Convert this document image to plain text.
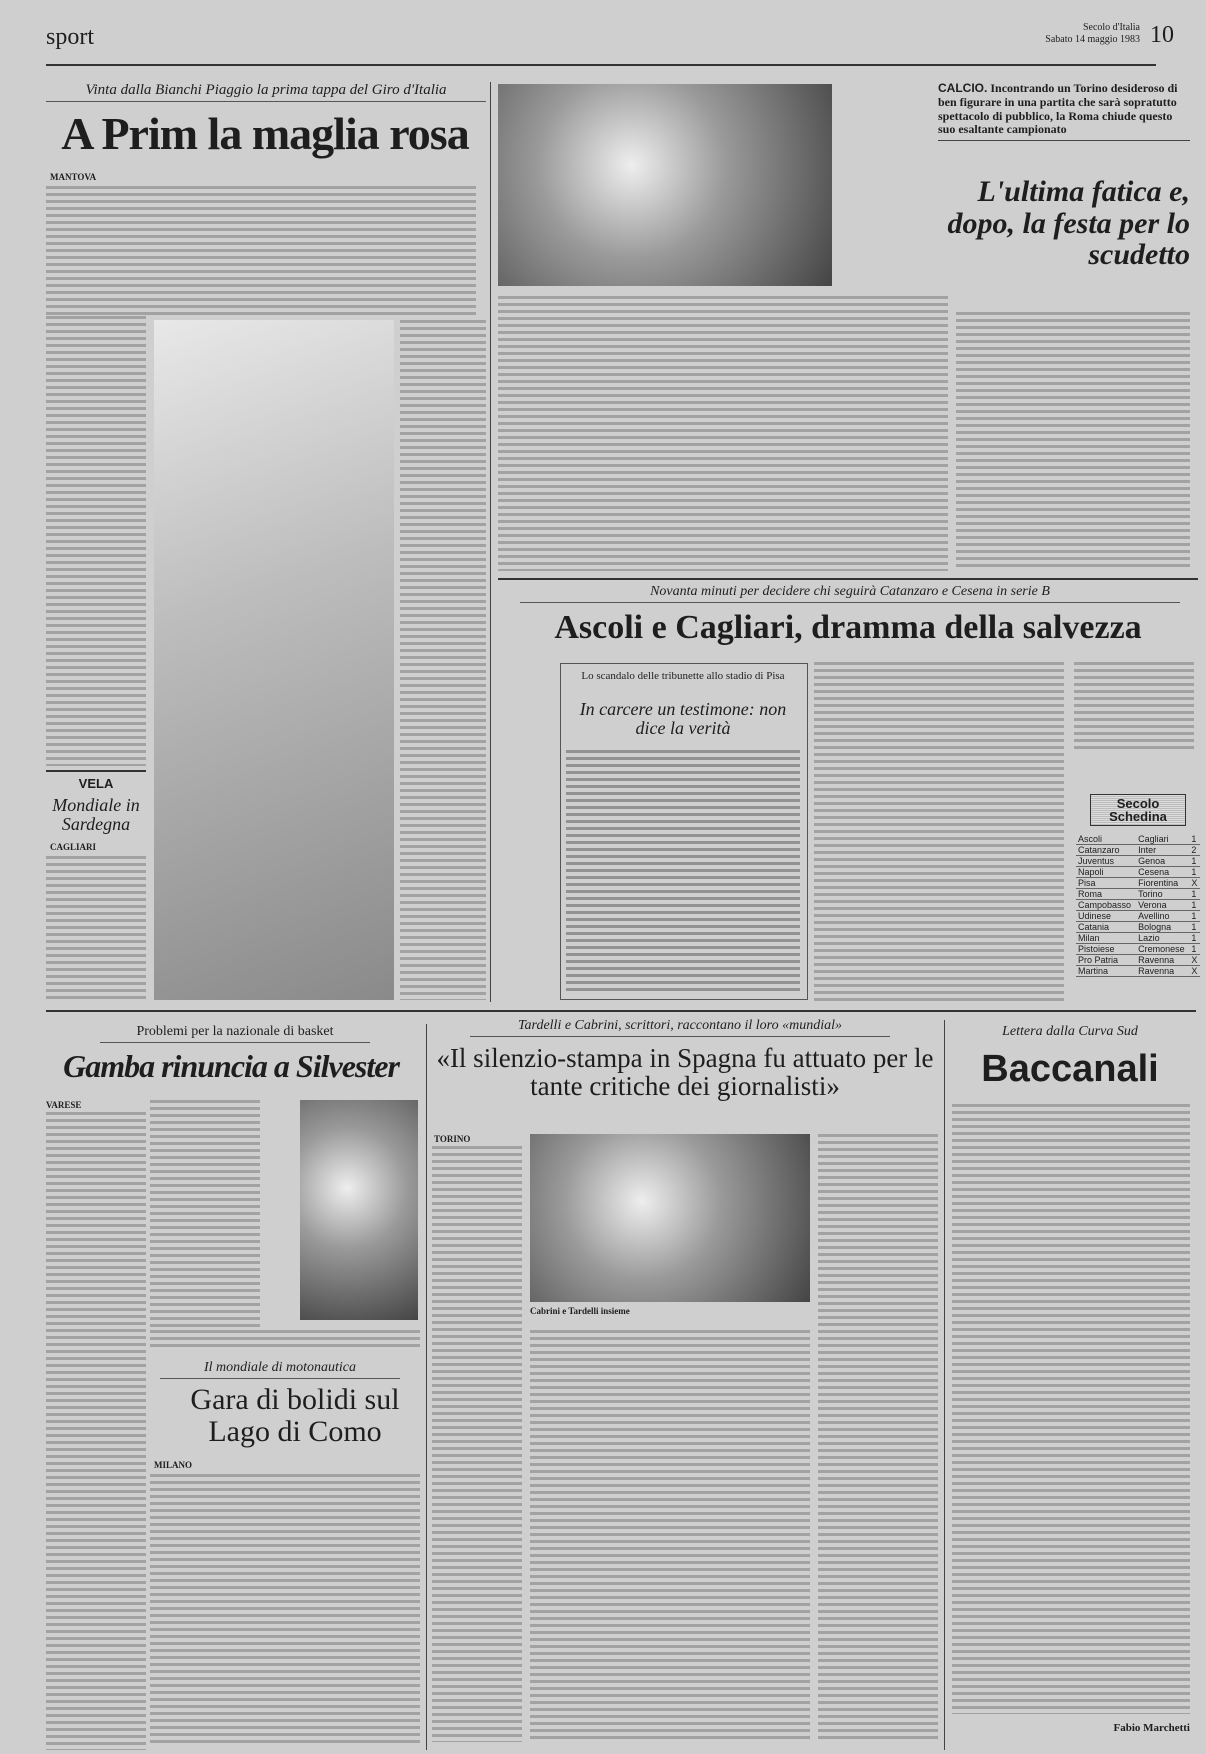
sport	Secolo d'Italia
Sabato 14 maggio 1983 10
Vinta dalla Bianchi Piaggio la prima tappa del Giro d'Italia
A Prim la maglia rosa
MANTOVA
VELA
Mondiale in Sardegna
CAGLIARI
CALCIO. Incontrando un Torino desideroso di ben figurare in una partita che sarà sopratutto spettacolo di pubblico, la Roma chiude questo suo esaltante campionato
L'ultima fatica e, dopo, la festa per lo scudetto
Novanta minuti per decidere chi seguirà Catanzaro e Cesena in serie B
Ascoli e Cagliari, dramma della salvezza
Lo scandalo delle tribunette allo stadio di Pisa
In carcere un testimone: non dice la verità
Secolo Schedina
Ascoli	Cagliari	1
Catanzaro	Inter	2
Juventus	Genoa	1
Napoli	Cesena	1
Pisa	Fiorentina	X
Roma	Torino	1
Campobasso	Verona	1
Udinese	Avellino	1
Catania	Bologna	1
Milan	Lazio	1
Pistoiese	Cremonese	1
Pro Patria	Ravenna	X
Martina	Ravenna	X
Problemi per la nazionale di basket
Gamba rinuncia a Silvester
VARESE
Il mondiale di motonautica
Gara di bolidi sul Lago di Como
MILANO
Tardelli e Cabrini, scrittori, raccontano il loro «mundial»
«Il silenzio-stampa in Spagna fu attuato per le tante critiche dei giornalisti»
TORINO
Cabrini e Tardelli insieme
Lettera dalla Curva Sud
Baccanali
Fabio Marchetti
